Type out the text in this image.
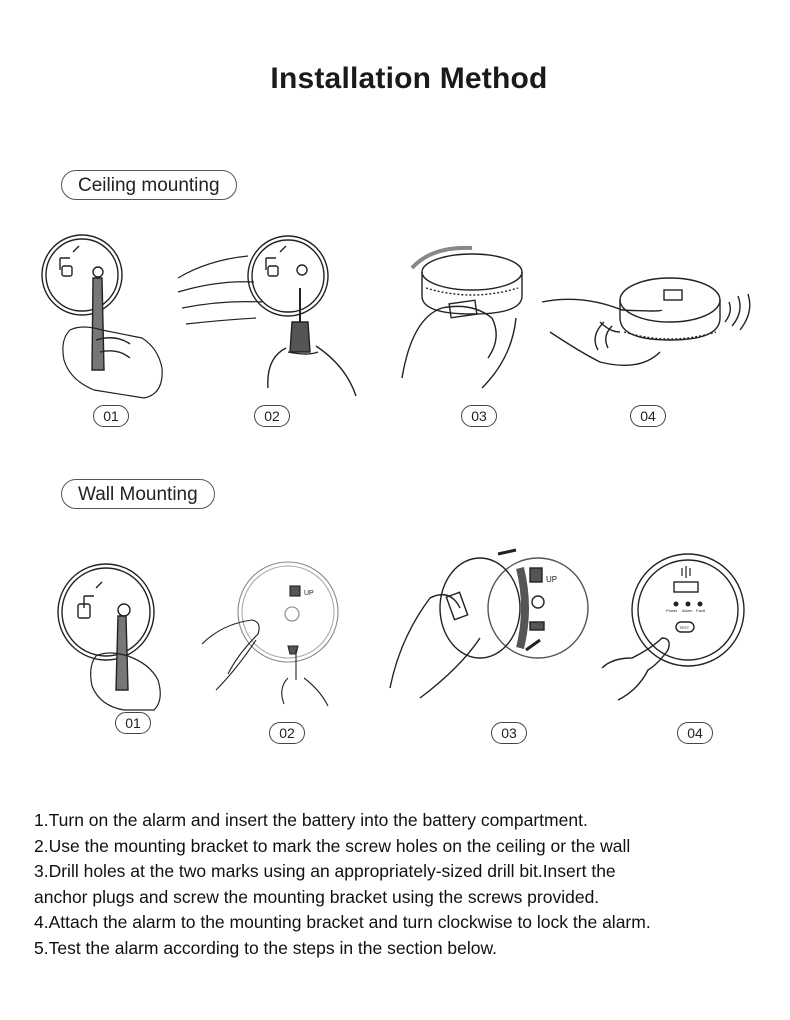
Installation Method
Ceiling mounting
01	02	03	04
Wall Mounting
01
UP
02
UP
03
Power Alarm Fault
TEST
04

1.Turn on the alarm and insert the battery into the battery compartment.

2.Use the mounting bracket to mark the screw holes on the ceiling or the wall

3.Drill holes at the two marks using an appropriately-sized drill bit.Insert the

anchor plugs and screw the mounting bracket using the screws provided.

4.Attach the alarm to the mounting bracket and turn clockwise to lock the alarm.

5.Test the alarm according to the steps in the section below.
